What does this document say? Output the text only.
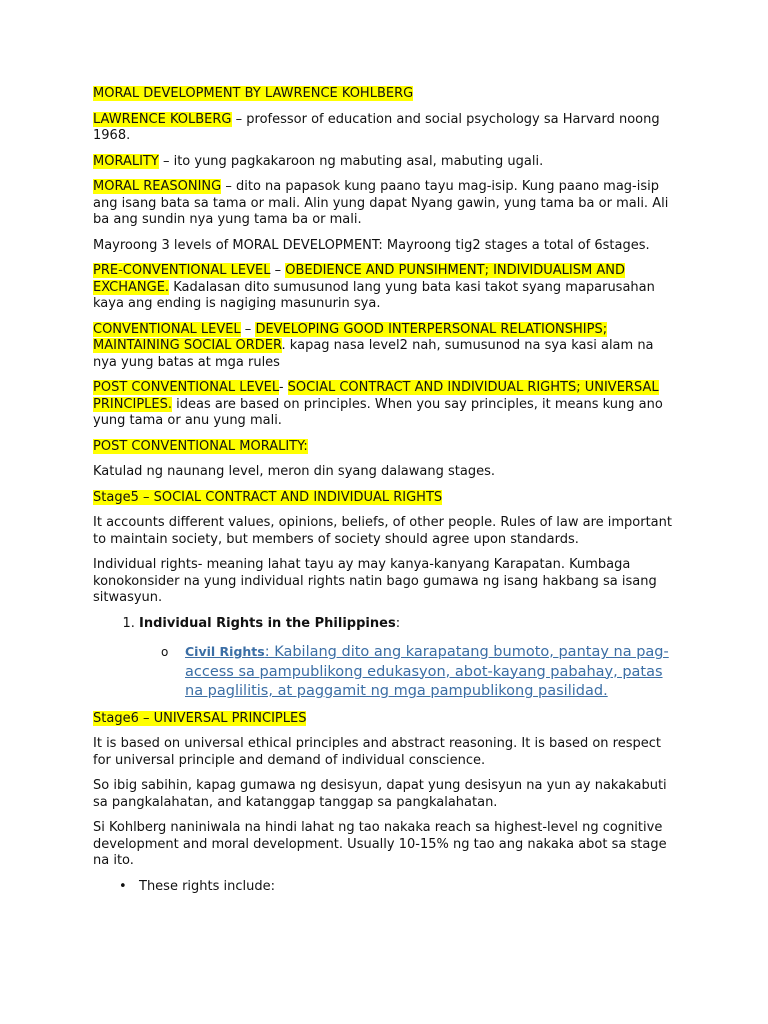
MORAL DEVELOPMENT BY LAWRENCE KOHLBERG

LAWRENCE KOLBERG – professor of education and social psychology sa Harvard noong 1968.

MORALITY – ito yung pagkakaroon ng mabuting asal, mabuting ugali.

MORAL REASONING – dito na papasok kung paano tayu mag-isip. Kung paano mag-isip ang isang bata sa tama or mali. Alin yung dapat Nyang gawin, yung tama ba or mali. Ali ba ang sundin nya yung tama ba or mali.

Mayroong 3 levels of MORAL DEVELOPMENT: Mayroong tig2 stages a total of 6stages.

PRE-CONVENTIONAL LEVEL – OBEDIENCE AND PUNSIHMENT; INDIVIDUALISM AND EXCHANGE. Kadalasan dito sumusunod lang yung bata kasi takot syang maparusahan kaya ang ending is nagiging masunurin sya.

CONVENTIONAL LEVEL – DEVELOPING GOOD INTERPERSONAL RELATIONSHIPS; MAINTAINING SOCIAL ORDER. kapag nasa level2 nah, sumusunod na sya kasi alam na nya yung batas at mga rules

POST CONVENTIONAL LEVEL- SOCIAL CONTRACT AND INDIVIDUAL RIGHTS; UNIVERSAL PRINCIPLES. ideas are based on principles. When you say principles, it means kung ano yung tama or anu yung mali.

POST CONVENTIONAL MORALITY:

Katulad ng naunang level, meron din syang dalawang stages.

Stage5 – SOCIAL CONTRACT AND INDIVIDUAL RIGHTS

It accounts different values, opinions, beliefs, of other people. Rules of law are important to maintain society, but members of society should agree upon standards.

Individual rights- meaning lahat tayu ay may kanya-kanyang Karapatan. Kumbaga konokonsider na yung individual rights natin bago gumawa ng isang hakbang sa isang sitwasyun.

1. Individual Rights in the Philippines:
o Civil Rights: Kabilang dito ang karapatang bumoto, pantay na pag-access sa pampublikong edukasyon, abot-kayang pabahay, patas na paglilitis, at paggamit ng mga pampublikong pasilidad.

Stage6 – UNIVERSAL PRINCIPLES

It is based on universal ethical principles and abstract reasoning. It is based on respect for universal principle and demand of individual conscience.

So ibig sabihin, kapag gumawa ng desisyun, dapat yung desisyun na yun ay nakakabuti sa pangkalahatan, and katanggap tanggap sa pangkalahatan.

Si Kohlberg naniniwala na hindi lahat ng tao nakaka reach sa highest-level ng cognitive development and moral development. Usually 10-15% ng tao ang nakaka abot sa stage na ito.

• These rights include:
